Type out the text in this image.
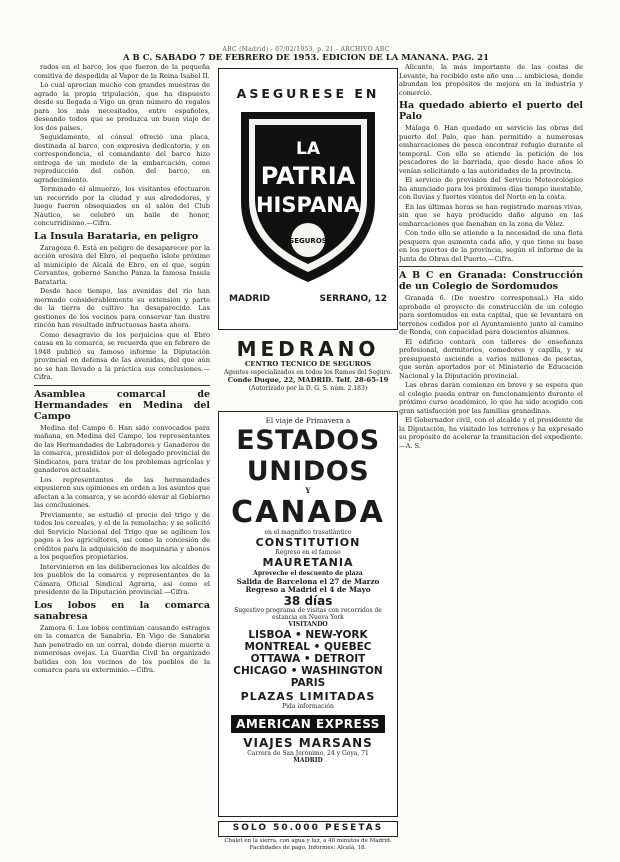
ABC (Madrid) - 07/02/1953, p. 21 - ARCHIVO ABC
A B C. SABADO 7 DE FEBRERO DE 1953. EDICION DE LA MAÑANA. PAG. 21

rados en el barco, los que fueron de la pequeña comitiva de despedida al Vapor de la Reina Isabel II.

Lo cual aprecian mucho con grandes muestras de agrado la propia tripulación, que ha dispuesto desde su llegada a Vigo un gran número de regalos para los más necesitados, entre españoles, deseando todos que se produzca un buen viaje de los dos países.

Seguidamente, el cónsul ofreció una placa, destinada al barco, con expresiva dedicatoria, y en correspondencia, el comandante del barco hizo entrega de un modelo de la embarcación, como reproducción del cañón del barco, en agradecimiento.

Terminado el almuerzo, los visitantes efectuaron un recorrido por la ciudad y sus alrededores, y luego fueron obsequiados en el salón del Club Náutico, se celebró un baile de honor, concurridísimo.—Cifra.

La Insula Barataria, en peligro

Zaragoza 6. Está en peligro de desaparecer por la acción erosiva del Ebro, el pequeño islote próximo al municipio de Alcalá de Ebro, en el que, según Cervantes, gobernó Sancho Panza la famosa Insula Barataria.

Desde hace tiempo, las avenidas del río han mermado considerablemente su extensión y parte de la tierra de cultivo ha desaparecido. Las gestiones de los vecinos para conservar tan ilustre rincón han resultado infructuosas hasta ahora.

Como desagravio de los perjuicios que el Ebro causa en la comarca, se recuerda que en febrero de 1948 publicó su famoso informe la Diputación provincial en defensa de las avenidas, del que aún no se han llevado a la práctica sus conclusiones.—Cifra.

Asamblea comarcal de Hermandades en Medina del Campo

Medina del Campo 6. Han sido convocados para mañana, en Medina del Campo, los representantes de las Hermandades de Labradores y Ganaderos de la comarca, presididos por el delegado provincial de Sindicatos, para tratar de los problemas agrícolas y ganaderos actuales.

Los representantes de las hermandades expusieron sus opiniones en orden a los asuntos que afectan a la comarca, y se acordó elevar al Gobierno las conclusiones.

Previamente, se estudió el precio del trigo y de todos los cereales, y el de la remolacha; y se solicitó del Servicio Nacional del Trigo que se agilicen los pagos a los agricultores, así como la concesión de créditos para la adquisición de maquinaria y abonos a los pequeños propietarios.

Intervinieron en las deliberaciones los alcaldes de los pueblos de la comarca y representantes de la Cámara Oficial Sindical Agraria, así como el presidente de la Diputación provincial.—Cifra.

Los lobos en la comarca sanabresa

Zamora 6. Los lobos continúan causando estragos en la comarca de Sanabria. En Vigo de Sanabria han penetrado en un corral, donde dieron muerte a numerosas ovejas. La Guardia Civil ha organizado batidas con los vecinos de los pueblos de la comarca para su exterminio.—Cifra.

ASEGURESE EN
LA
PATRIA
HISPANA
SEGUROS
MADRID	SERRANO, 12
MEDRANO
CENTRO TECNICO DE SEGUROS
Agentes especializados en todos los Ramos del Seguro.
Conde Duque, 22, MADRID. Telf. 28-65-19
(Autorizado por la D. G. S. núm. 2.183)
El viaje de Primavera a
ESTADOS UNIDOS
Y
CANADA
en el magnífico trasatlántico
CONSTITUTION
Regreso en el famoso
MAURETANIA
Aproveche el descuento de plaza
Salida de Barcelona el 27 de Marzo
Regreso a Madrid el 4 de Mayo
38 días
Sugestivo programa de visitas con recorridos de estancia en Nueva York
VISITANDO
LISBOA • NEW-YORK
MONTREAL • QUEBEC
OTTAWA • DETROIT
CHICAGO • WASHINGTON
PARIS
PLAZAS LIMITADAS
Pida información
AMERICAN EXPRESS
VIAJES MARSANS
Carrera de San Jerónimo, 24 y Goya, 71
MADRID
SOLO 50.000 PESETAS
Chalet en la sierra, con agua y luz, a 40 minutos de Madrid. Facilidades de pago. Informes: Alcalá, 18.

Alicante, la más importante de las costas de Levante, ha recibido este año una ... ambiciosa, donde abundan los propósitos de mejora en la industria y comercio.

Ha quedado abierto el puerto del Palo

Málaga 6. Han quedado en servicio las obras del puerto del Palo, que han permitido a numerosas embarcaciones de pesca encontrar refugio durante el temporal. Con ello se atiende la petición de los pescadores de la barriada, que desde hace años lo venían solicitando a las autoridades de la provincia.

El servicio de previsión del Servicio Meteorológico ha anunciado para los próximos días tiempo inestable, con lluvias y fuertes vientos del Norte en la costa.

En las últimas horas se han registrado mareas vivas, sin que se haya producido daño alguno en las embarcaciones que faenaban en la zona de Vélez.

Con todo ello se atiende a la necesidad de una flota pesquera que aumenta cada año, y que tiene su base en los puertos de la provincia, según el informe de la Junta de Obras del Puerto.—Cifra.

A B C en Granada: Construcción de un Colegio de Sordomudos

Granada 6. (De nuestro corresponsal.) Ha sido aprobado el proyecto de construcción de un colegio para sordomudos en esta capital, que se levantará en terrenos cedidos por el Ayuntamiento junto al camino de Ronda, con capacidad para doscientos alumnos.

El edificio contará con talleres de enseñanza profesional, dormitorios, comedores y capilla, y su presupuesto asciende a varios millones de pesetas, que serán aportados por el Ministerio de Educación Nacional y la Diputación provincial.

Las obras darán comienzo en breve y se espera que el colegio pueda entrar en funcionamiento durante el próximo curso académico, lo que ha sido acogido con gran satisfacción por las familias granadinas.

El Gobernador civil, con el alcalde y el presidente de la Diputación, ha visitado los terrenos y ha expresado su propósito de acelerar la tramitación del expediente.—A. S.
